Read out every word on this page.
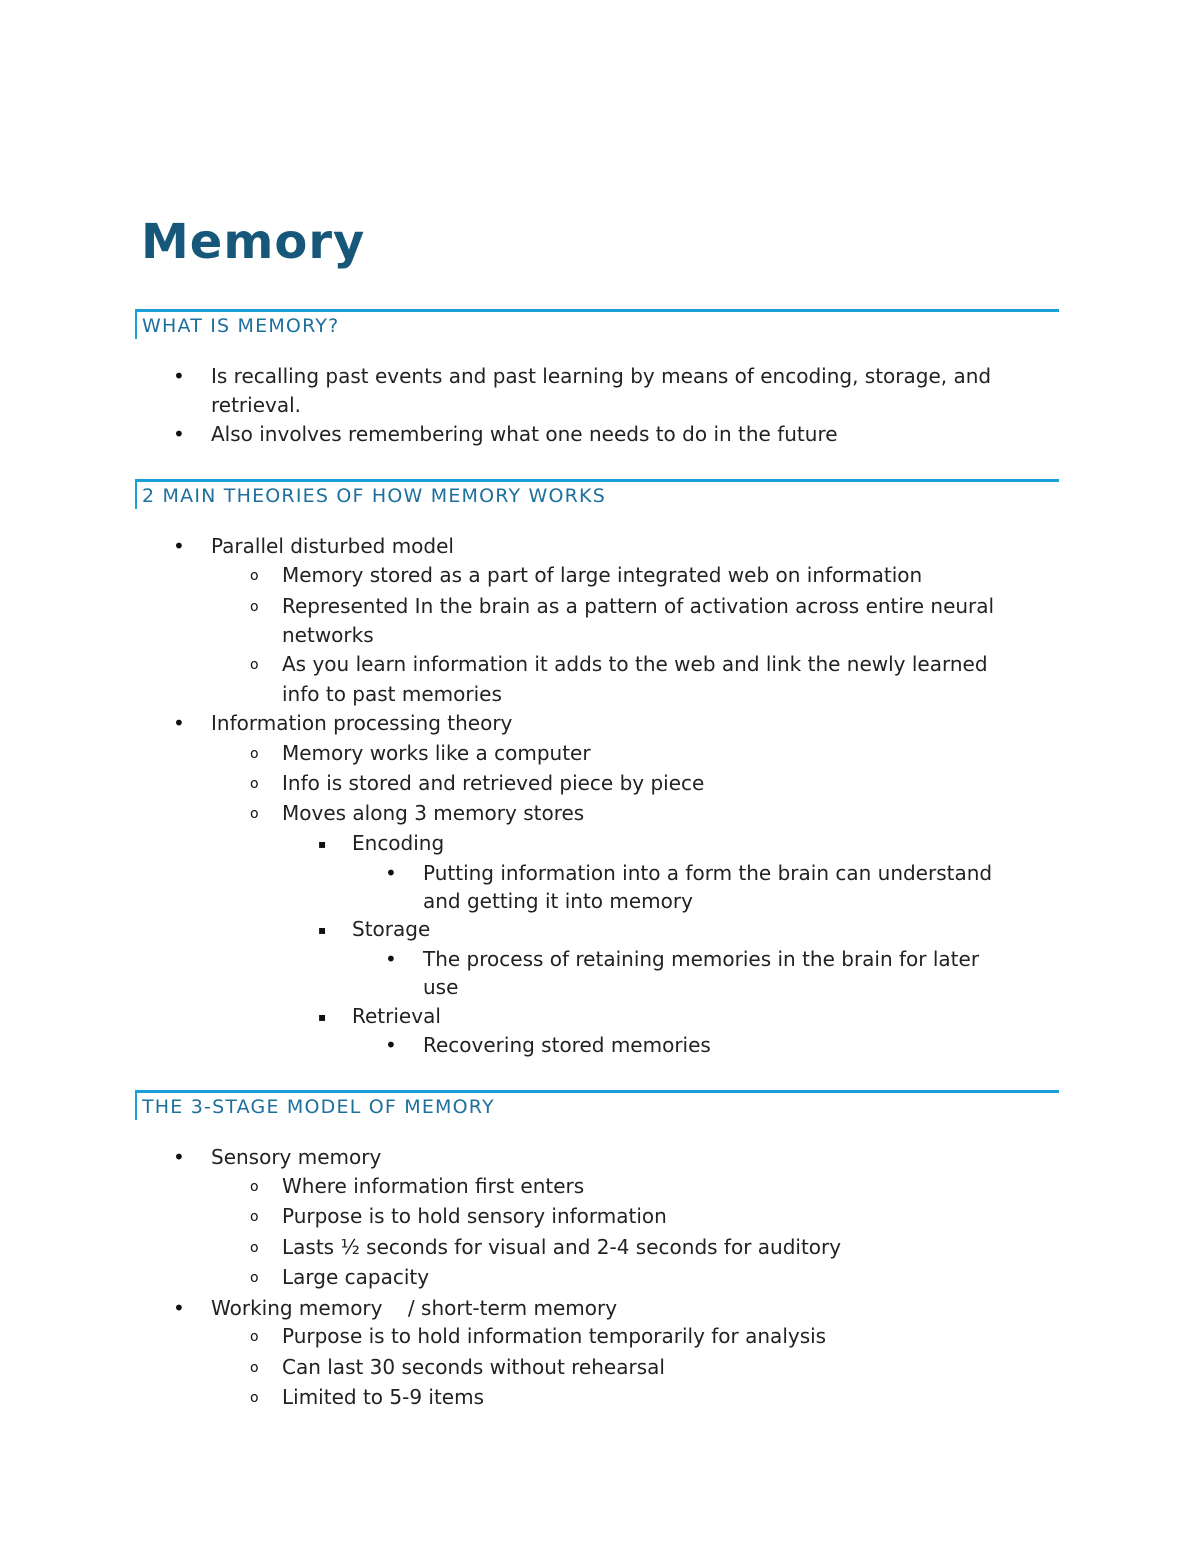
Memory
WHAT IS MEMORY?
• Is recalling past events and past learning by means of encoding, storage, and
retrieval.
• Also involves remembering what one needs to do in the future
2 MAIN THEORIES OF HOW MEMORY WORKS
• Parallel disturbed model
o Memory stored as a part of large integrated web on information
o Represented In the brain as a pattern of activation across entire neural
networks
o As you learn information it adds to the web and link the newly learned
info to past memories
• Information processing theory
o Memory works like a computer
o Info is stored and retrieved piece by piece
o Moves along 3 memory stores
▪ Encoding
• Putting information into a form the brain can understand
and getting it into memory
▪ Storage
• The process of retaining memories in the brain for later
use
▪ Retrieval
• Recovering stored memories
THE 3-STAGE MODEL OF MEMORY
• Sensory memory
o Where information first enters
o Purpose is to hold sensory information
o Lasts ½ seconds for visual and 2-4 seconds for auditory
o Large capacity
• Working memory    / short-term memory
o Purpose is to hold information temporarily for analysis
o Can last 30 seconds without rehearsal
o Limited to 5-9 items
